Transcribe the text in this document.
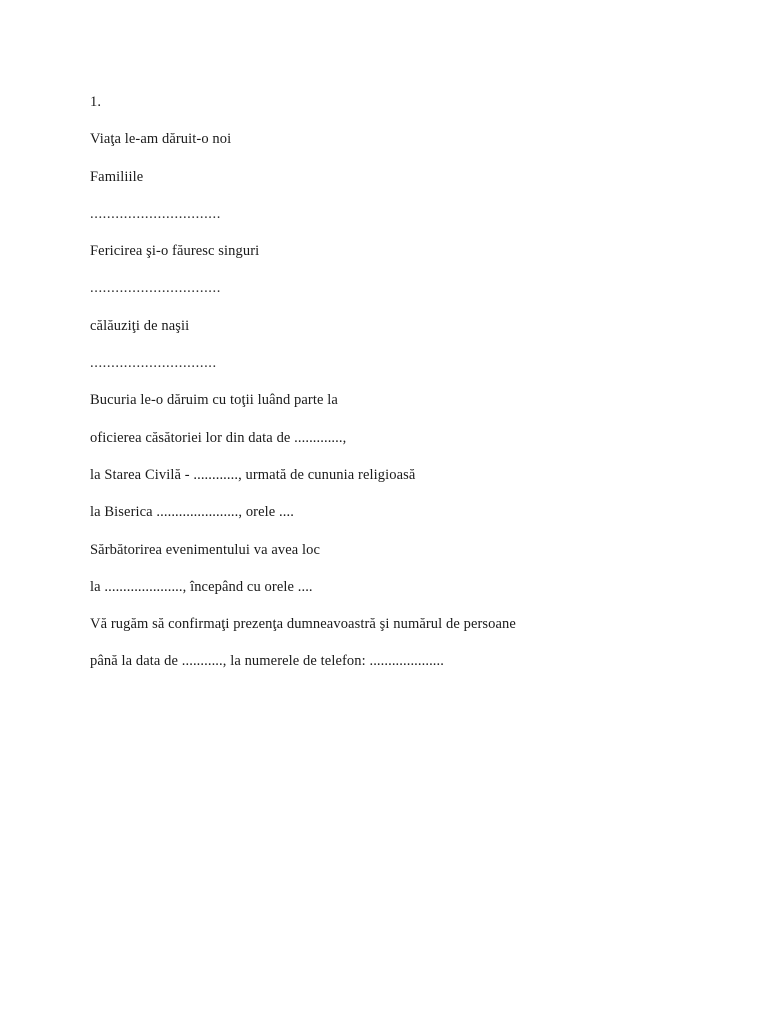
1.
Viaţa le-am dăruit-o noi
Familiile
...............................
Fericirea şi-o făuresc singuri
...............................
călăuziţi de naşii
..............................
Bucuria le-o dăruim cu toţii luând parte la
oficierea căsătoriei lor din data de .............,
la Starea Civilă - ............, urmată de cununia religioasă
la Biserica ......................, orele ....
Sărbătorirea evenimentului va avea loc
la ....................., începând cu orele ....
Vă rugăm să confirmaţi prezenţa dumneavoastră şi numărul de persoane
până la data de ..........., la numerele de telefon: ....................
